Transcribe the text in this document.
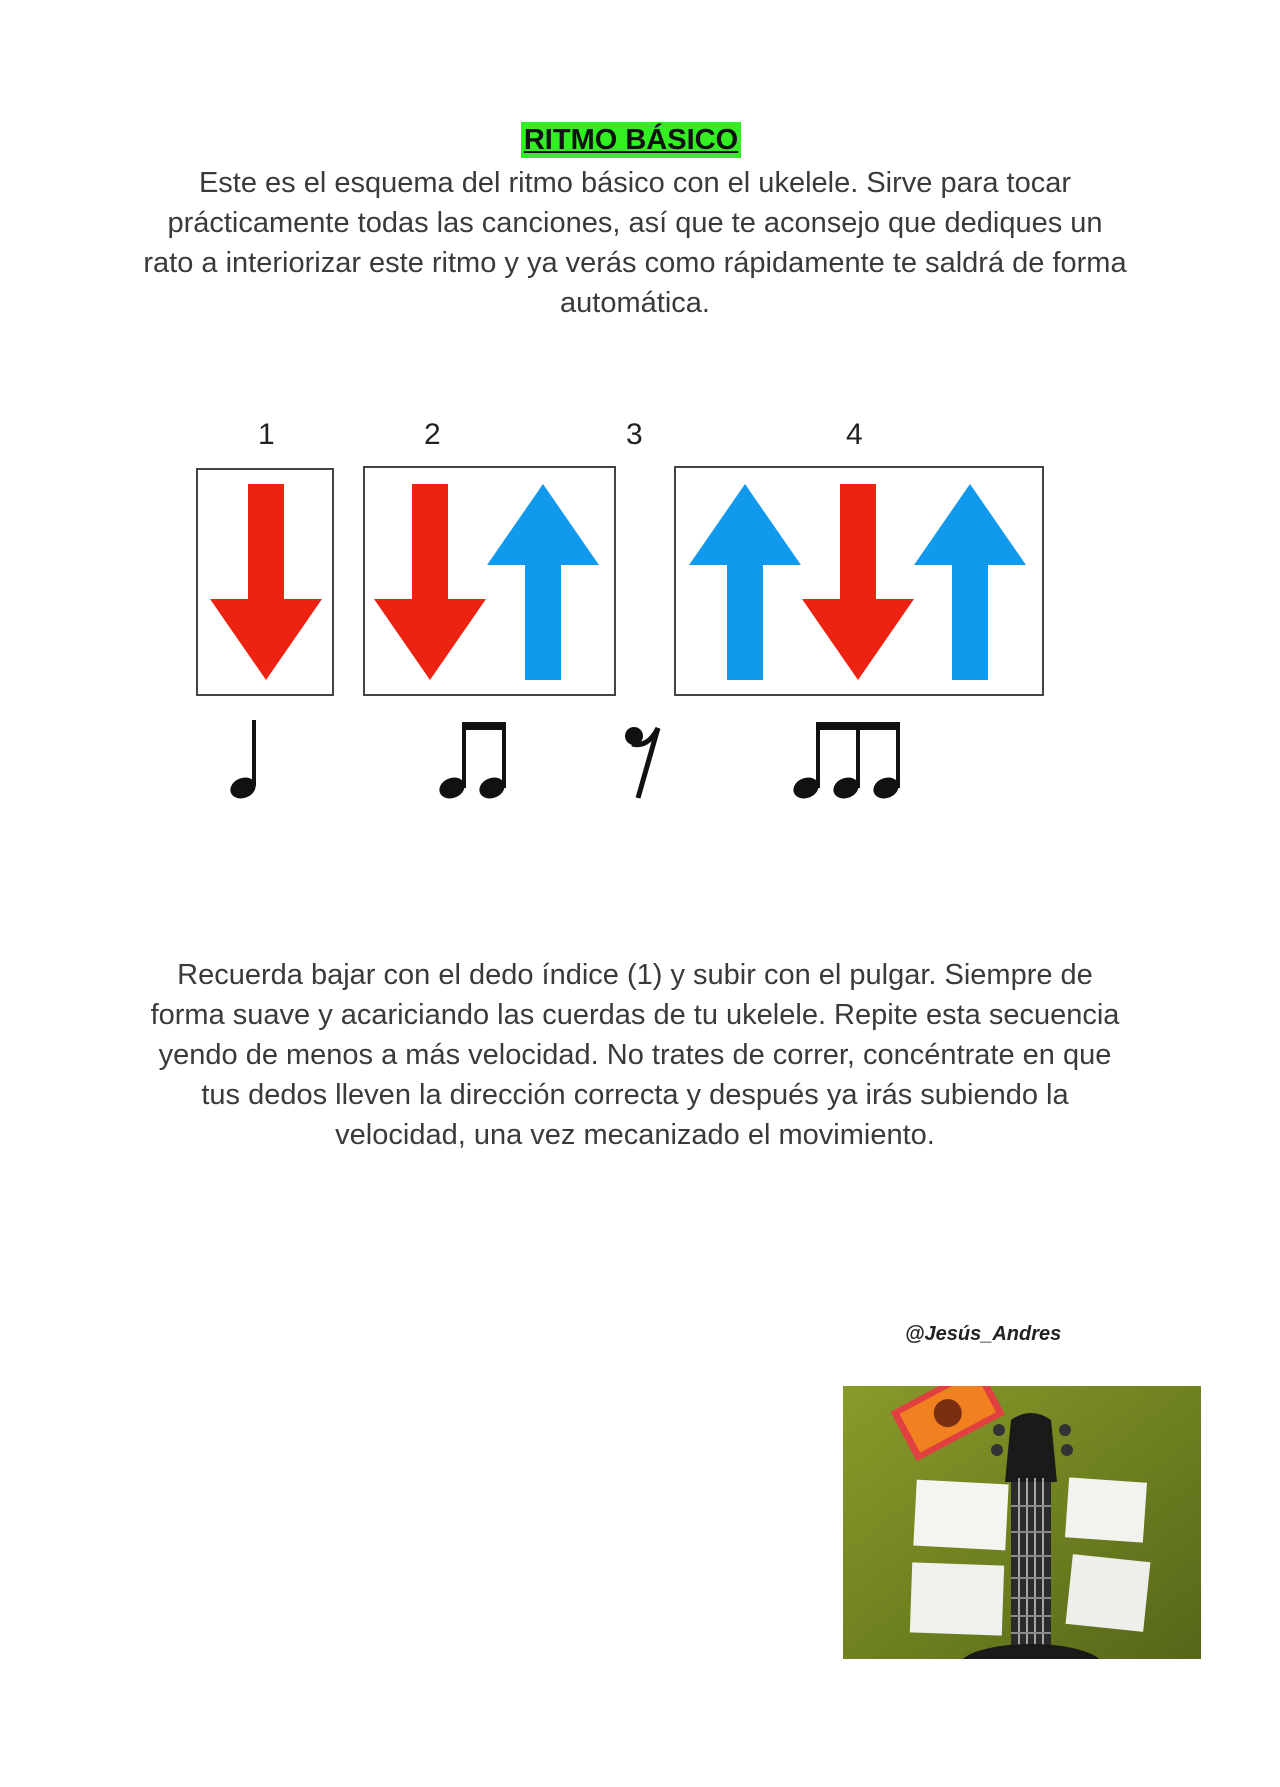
RITMO BÁSICO

Este es el esquema del ritmo básico con el ukelele. Sirve para tocar prácticamente todas las canciones, así que te aconsejo que dediques un rato a interiorizar este ritmo y ya verás como rápidamente te saldrá de forma automática.

1	2	3	4

Recuerda bajar con el dedo índice (1) y subir con el pulgar. Siempre de forma suave y acariciando las cuerdas de tu ukelele. Repite esta secuencia yendo de menos a más velocidad. No trates de correr, concéntrate en que tus dedos lleven la dirección correcta y después ya irás subiendo la velocidad, una vez mecanizado el movimiento.

@Jesús_Andres
